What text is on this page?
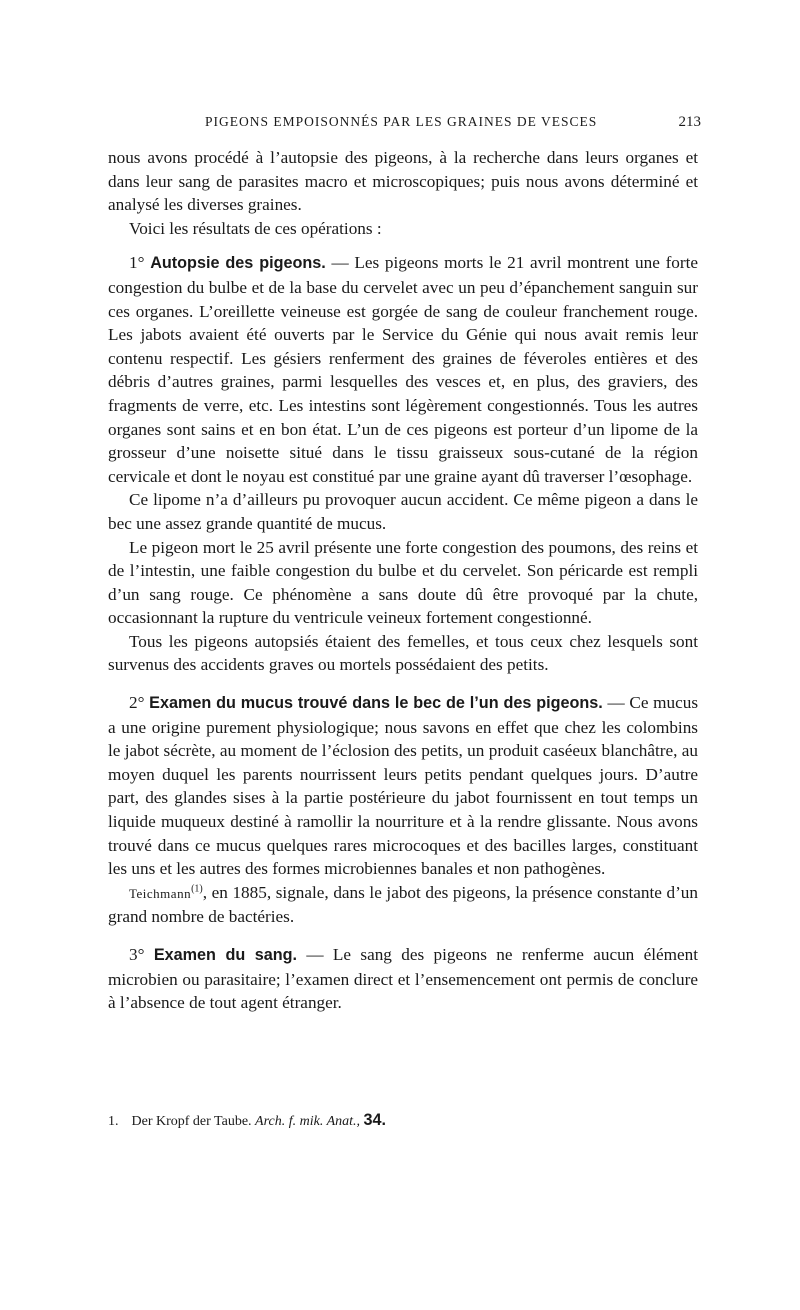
PIGEONS EMPOISONNÉS PAR LES GRAINES DE VESCES	213

nous avons procédé à l’autopsie des pigeons, à la recherche dans leurs organes et dans leur sang de parasites macro et microscopiques; puis nous avons déterminé et analysé les diverses graines.

Voici les résultats de ces opérations :

1° Autopsie des pigeons. — Les pigeons morts le 21 avril montrent une forte congestion du bulbe et de la base du cervelet avec un peu d’épanchement sanguin sur ces organes. L’oreillette veineuse est gorgée de sang de couleur franchement rouge. Les jabots avaient été ouverts par le Service du Génie qui nous avait remis leur contenu respectif. Les gésiers renferment des graines de féveroles entières et des débris d’autres graines, parmi lesquelles des vesces et, en plus, des graviers, des fragments de verre, etc. Les intestins sont légèrement congestionnés. Tous les autres organes sont sains et en bon état. L’un de ces pigeons est porteur d’un lipome de la grosseur d’une noisette situé dans le tissu graisseux sous-cutané de la région cervicale et dont le noyau est constitué par une graine ayant dû traverser l’œsophage.

Ce lipome n’a d’ailleurs pu provoquer aucun accident. Ce même pigeon a dans le bec une assez grande quantité de mucus.

Le pigeon mort le 25 avril présente une forte congestion des poumons, des reins et de l’intestin, une faible congestion du bulbe et du cervelet. Son péricarde est rempli d’un sang rouge. Ce phénomène a sans doute dû être provoqué par la chute, occasionnant la rupture du ventricule veineux fortement congestionné.

Tous les pigeons autopsiés étaient des femelles, et tous ceux chez lesquels sont survenus des accidents graves ou mortels possédaient des petits.

2° Examen du mucus trouvé dans le bec de l’un des pigeons. — Ce mucus a une origine purement physiologique; nous savons en effet que chez les colombins le jabot sécrète, au moment de l’éclosion des petits, un produit caséeux blanchâtre, au moyen duquel les parents nourrissent leurs petits pendant quelques jours. D’autre part, des glandes sises à la partie postérieure du jabot fournissent en tout temps un liquide muqueux destiné à ramollir la nourriture et à la rendre glissante. Nous avons trouvé dans ce mucus quelques rares microcoques et des bacilles larges, constituant les uns et les autres des formes microbiennes banales et non pathogènes.

Teichmann$^{(1)}$, en 1885, signale, dans le jabot des pigeons, la présence constante d’un grand nombre de bactéries.

3° Examen du sang. — Le sang des pigeons ne renferme aucun élément microbien ou parasitaire; l’examen direct et l’ensemencement ont permis de conclure à l’absence de tout agent étranger.

1. Der Kropf der Taube. Arch. f. mik. Anat., 34.
